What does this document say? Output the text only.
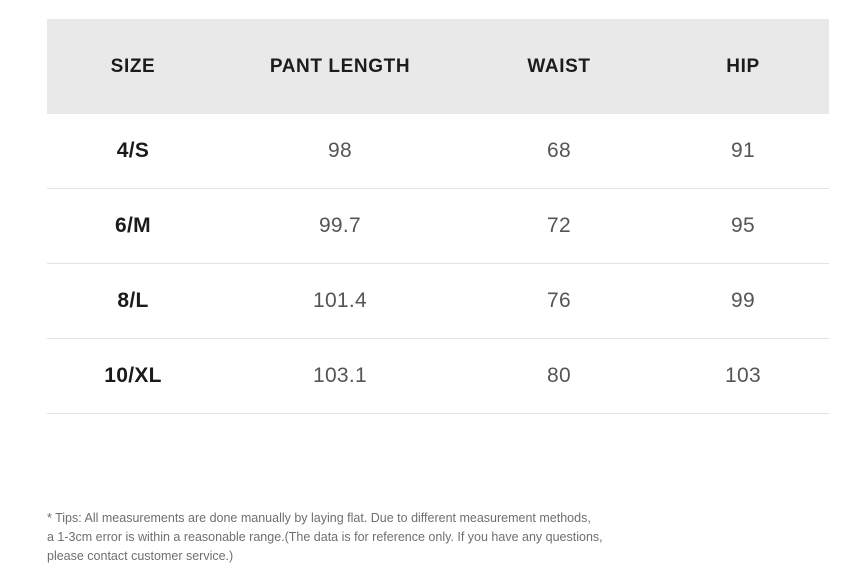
SIZE	PANT LENGTH	WAIST	HIP
4/S	98	68	91
6/M	99.7	72	95
8/L	101.4	76	99
10/XL	103.1	80	103
* Tips: All measurements are done manually by laying flat. Due to different measurement methods,
a 1-3cm error is within a reasonable range.(The data is for reference only. If you have any questions,
please contact customer service.)
